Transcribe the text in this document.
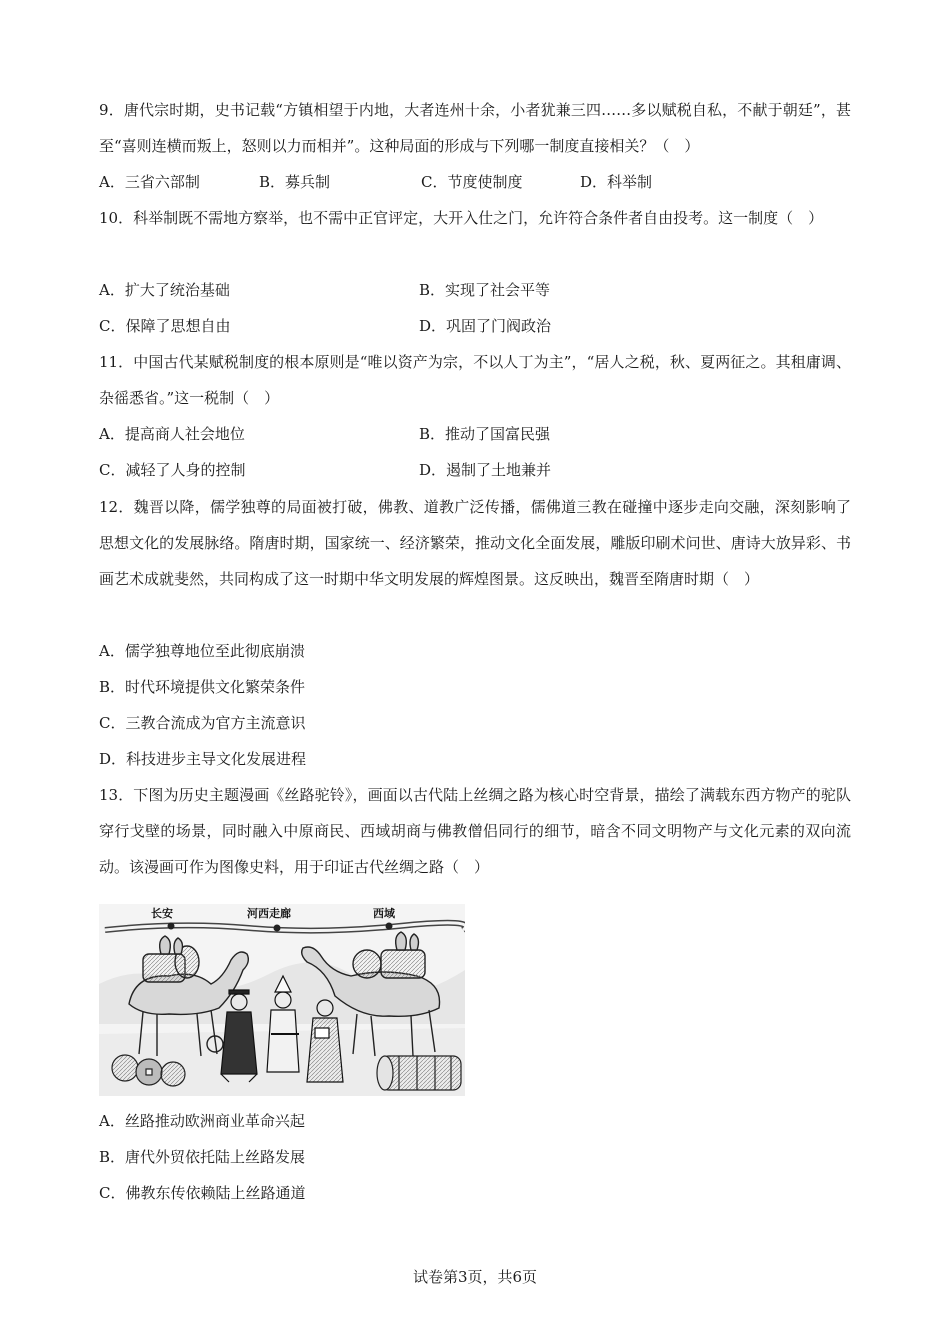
9．唐代宗时期，史书记载“方镇相望于内地，大者连州十余，小者犹兼三四……多以赋税自私，不献于朝廷”，甚至“喜则连横而叛上，怒则以力而相并”。这种局面的形成与下列哪一制度直接相关？（　）

A．三省六部制	B．募兵制	C．节度使制度	D．科举制

10．科举制既不需地方察举，也不需中正官评定，大开入仕之门，允许符合条件者自由投考。这一制度（　）

A．扩大了统治基础	B．实现了社会平等
C．保障了思想自由	D．巩固了门阀政治

11．中国古代某赋税制度的根本原则是“唯以资产为宗，不以人丁为主”，“居人之税，秋、夏两征之。其租庸调、杂徭悉省。”这一税制（　）

A．提高商人社会地位	B．推动了国富民强
C．减轻了人身的控制	D．遏制了土地兼并

12．魏晋以降，儒学独尊的局面被打破，佛教、道教广泛传播，儒佛道三教在碰撞中逐步走向交融，深刻影响了思想文化的发展脉络。隋唐时期，国家统一、经济繁荣，推动文化全面发展，雕版印刷术问世、唐诗大放异彩、书画艺术成就斐然，共同构成了这一时期中华文明发展的辉煌图景。这反映出，魏晋至隋唐时期（　）

A．儒学独尊地位至此彻底崩溃
B．时代环境提供文化繁荣条件
C．三教合流成为官方主流意识
D．科技进步主导文化发展进程

13．下图为历史主题漫画《丝路驼铃》，画面以古代陆上丝绸之路为核心时空背景，描绘了满载东西方物产的驼队穿行戈壁的场景，同时融入中原商民、西域胡商与佛教僧侣同行的细节，暗含不同文明物产与文化元素的双向流动。该漫画可作为图像史料，用于印证古代丝绸之路（　）

长安	河西走廊	西域
A．丝路推动欧洲商业革命兴起
B．唐代外贸依托陆上丝路发展
C．佛教东传依赖陆上丝路通道
试卷第3页，共6页
